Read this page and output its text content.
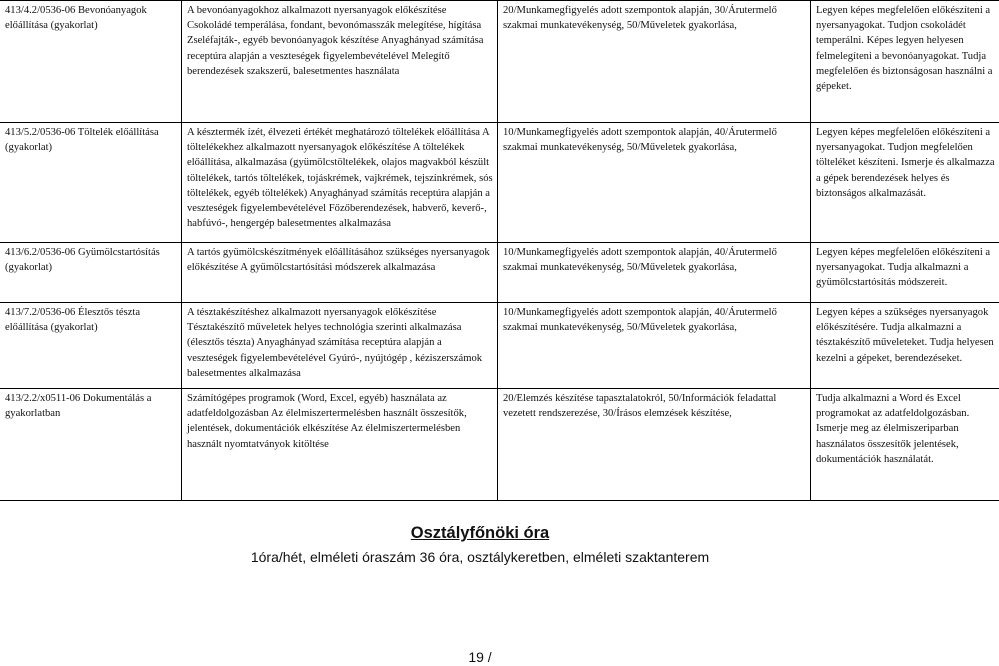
413/4.2/0536-06 Bevonóanyagok előállítása (gyakorlat)	A bevonóanyagokhoz alkalmazott nyersanyagok előkészítése Csokoládé temperálása, fondant, bevonómasszák melegítése, hígítása Zseléfajták-, egyéb bevonóanyagok készítése Anyaghányad számítása receptúra alapján a veszteségek figyelembevételével Melegítő berendezések szakszerű, balesetmentes használata	20/Munkamegfigyelés adott szempontok alapján, 30/Árutermelő szakmai munkatevékenység, 50/Műveletek gyakorlása,	Legyen képes megfelelően előkészíteni a nyersanyagokat. Tudjon csokoládét temperálni. Képes legyen helyesen felmelegíteni a bevonóanyagokat. Tudja megfelelően és biztonságosan használni a gépeket.
413/5.2/0536-06 Töltelék előállítása (gyakorlat)	A késztermék ízét, élvezeti értékét meghatározó töltelékek előállítása A töltelékekhez alkalmazott nyersanyagok előkészítése A töltelékek előállítása, alkalmazása (gyümölcstöltelékek, olajos magvakból készült töltelékek, tartós töltelékek, tojáskrémek, vajkrémek, tejszínkrémek, sós töltelékek, egyéb töltelékek) Anyaghányad számítás receptúra alapján a veszteségek figyelembevételével Főzőberendezések, habverő, keverő-, habfúvó-, hengergép balesetmentes alkalmazása	10/Munkamegfigyelés adott szempontok alapján, 40/Árutermelő szakmai munkatevékenység, 50/Műveletek gyakorlása,	Legyen képes megfelelően előkészíteni a nyersanyagokat. Tudjon megfelelően tölteléket készíteni. Ismerje és alkalmazza a gépek berendezések helyes és biztonságos alkalmazását.
413/6.2/0536-06 Gyümölcstartósítás (gyakorlat)	A tartós gyümölcskészítmények előállításához szükséges nyersanyagok előkészítése A gyümölcstartósítási módszerek alkalmazása	10/Munkamegfigyelés adott szempontok alapján, 40/Árutermelő szakmai munkatevékenység, 50/Műveletek gyakorlása,	Legyen képes megfelelően előkészíteni a nyersanyagokat. Tudja alkalmazni a gyümölcstartósítás módszereit.
413/7.2/0536-06 Élesztős tészta előállítása (gyakorlat)	A tésztakészítéshez alkalmazott nyersanyagok előkészítése Tésztakészítő műveletek helyes technológia szerinti alkalmazása (élesztős tészta) Anyaghányad számítása receptúra alapján a veszteségek figyelembevételével Gyúró-, nyújtógép , kéziszerszámok balesetmentes alkalmazása	10/Munkamegfigyelés adott szempontok alapján, 40/Árutermelő szakmai munkatevékenység, 50/Műveletek gyakorlása,	Legyen képes a szükséges nyersanyagok előkészítésére. Tudja alkalmazni a tésztakészítő műveleteket. Tudja helyesen kezelni a gépeket, berendezéseket.
413/2.2/x0511-06 Dokumentálás a gyakorlatban	Számítógépes programok (Word, Excel, egyéb) használata az adatfeldolgozásban Az élelmiszertermelésben használt összesítők, jelentések, dokumentációk elkészítése Az élelmiszertermelésben használt nyomtatványok kitöltése	20/Elemzés készítése tapasztalatokról, 50/Információk feladattal vezetett rendszerezése, 30/Írásos elemzések készítése,	Tudja alkalmazni a Word és Excel programokat az adatfeldolgozásban. Ismerje meg az élelmiszeriparban használatos összesítők jelentések, dokumentációk használatát.
Osztályfőnöki óra
1óra/hét, elméleti óraszám 36 óra, osztálykeretben, elméleti szaktanterem
19 /
